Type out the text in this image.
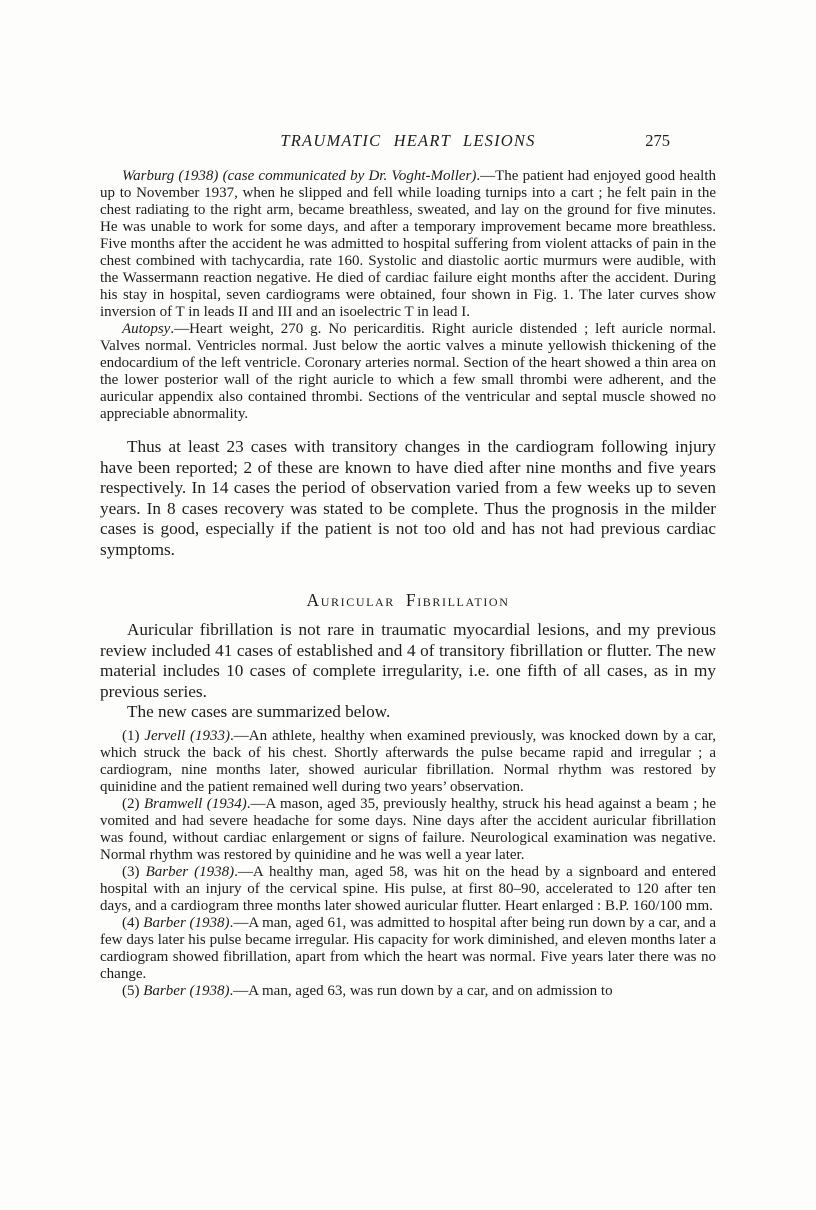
TRAUMATIC HEART LESIONS	275

Warburg (1938) (case communicated by Dr. Voght-Moller).—The patient had enjoyed good health up to November 1937, when he slipped and fell while loading turnips into a cart ; he felt pain in the chest radiating to the right arm, became breathless, sweated, and lay on the ground for five minutes. He was unable to work for some days, and after a temporary improvement became more breathless. Five months after the accident he was admitted to hospital suffering from violent attacks of pain in the chest combined with tachycardia, rate 160. Systolic and diastolic aortic murmurs were audible, with the Wassermann reaction negative. He died of cardiac failure eight months after the accident. During his stay in hospital, seven cardiograms were obtained, four shown in Fig. 1. The later curves show inversion of T in leads II and III and an isoelectric T in lead I.

Autopsy.—Heart weight, 270 g. No pericarditis. Right auricle distended ; left auricle normal. Valves normal. Ventricles normal. Just below the aortic valves a minute yellowish thickening of the endocardium of the left ventricle. Coronary arteries normal. Section of the heart showed a thin area on the lower posterior wall of the right auricle to which a few small thrombi were adherent, and the auricular appendix also contained thrombi. Sections of the ventricular and septal muscle showed no appreciable abnormality.

Thus at least 23 cases with transitory changes in the cardiogram following injury have been reported; 2 of these are known to have died after nine months and five years respectively. In 14 cases the period of observation varied from a few weeks up to seven years. In 8 cases recovery was stated to be complete. Thus the prognosis in the milder cases is good, especially if the patient is not too old and has not had previous cardiac symptoms.

Auricular Fibrillation

Auricular fibrillation is not rare in traumatic myocardial lesions, and my previous review included 41 cases of established and 4 of transitory fibrillation or flutter. The new material includes 10 cases of complete irregularity, i.e. one fifth of all cases, as in my previous series.

The new cases are summarized below.

(1) Jervell (1933).—An athlete, healthy when examined previously, was knocked down by a car, which struck the back of his chest. Shortly afterwards the pulse became rapid and irregular ; a cardiogram, nine months later, showed auricular fibrillation. Normal rhythm was restored by quinidine and the patient remained well during two years’ observation.

(2) Bramwell (1934).—A mason, aged 35, previously healthy, struck his head against a beam ; he vomited and had severe headache for some days. Nine days after the accident auricular fibrillation was found, without cardiac enlargement or signs of failure. Neurological examination was negative. Normal rhythm was restored by quinidine and he was well a year later.

(3) Barber (1938).—A healthy man, aged 58, was hit on the head by a signboard and entered hospital with an injury of the cervical spine. His pulse, at first 80–90, accelerated to 120 after ten days, and a cardiogram three months later showed auricular flutter. Heart enlarged : B.P. 160/100 mm.

(4) Barber (1938).—A man, aged 61, was admitted to hospital after being run down by a car, and a few days later his pulse became irregular. His capacity for work diminished, and eleven months later a cardiogram showed fibrillation, apart from which the heart was normal. Five years later there was no change.

(5) Barber (1938).—A man, aged 63, was run down by a car, and on admission to
